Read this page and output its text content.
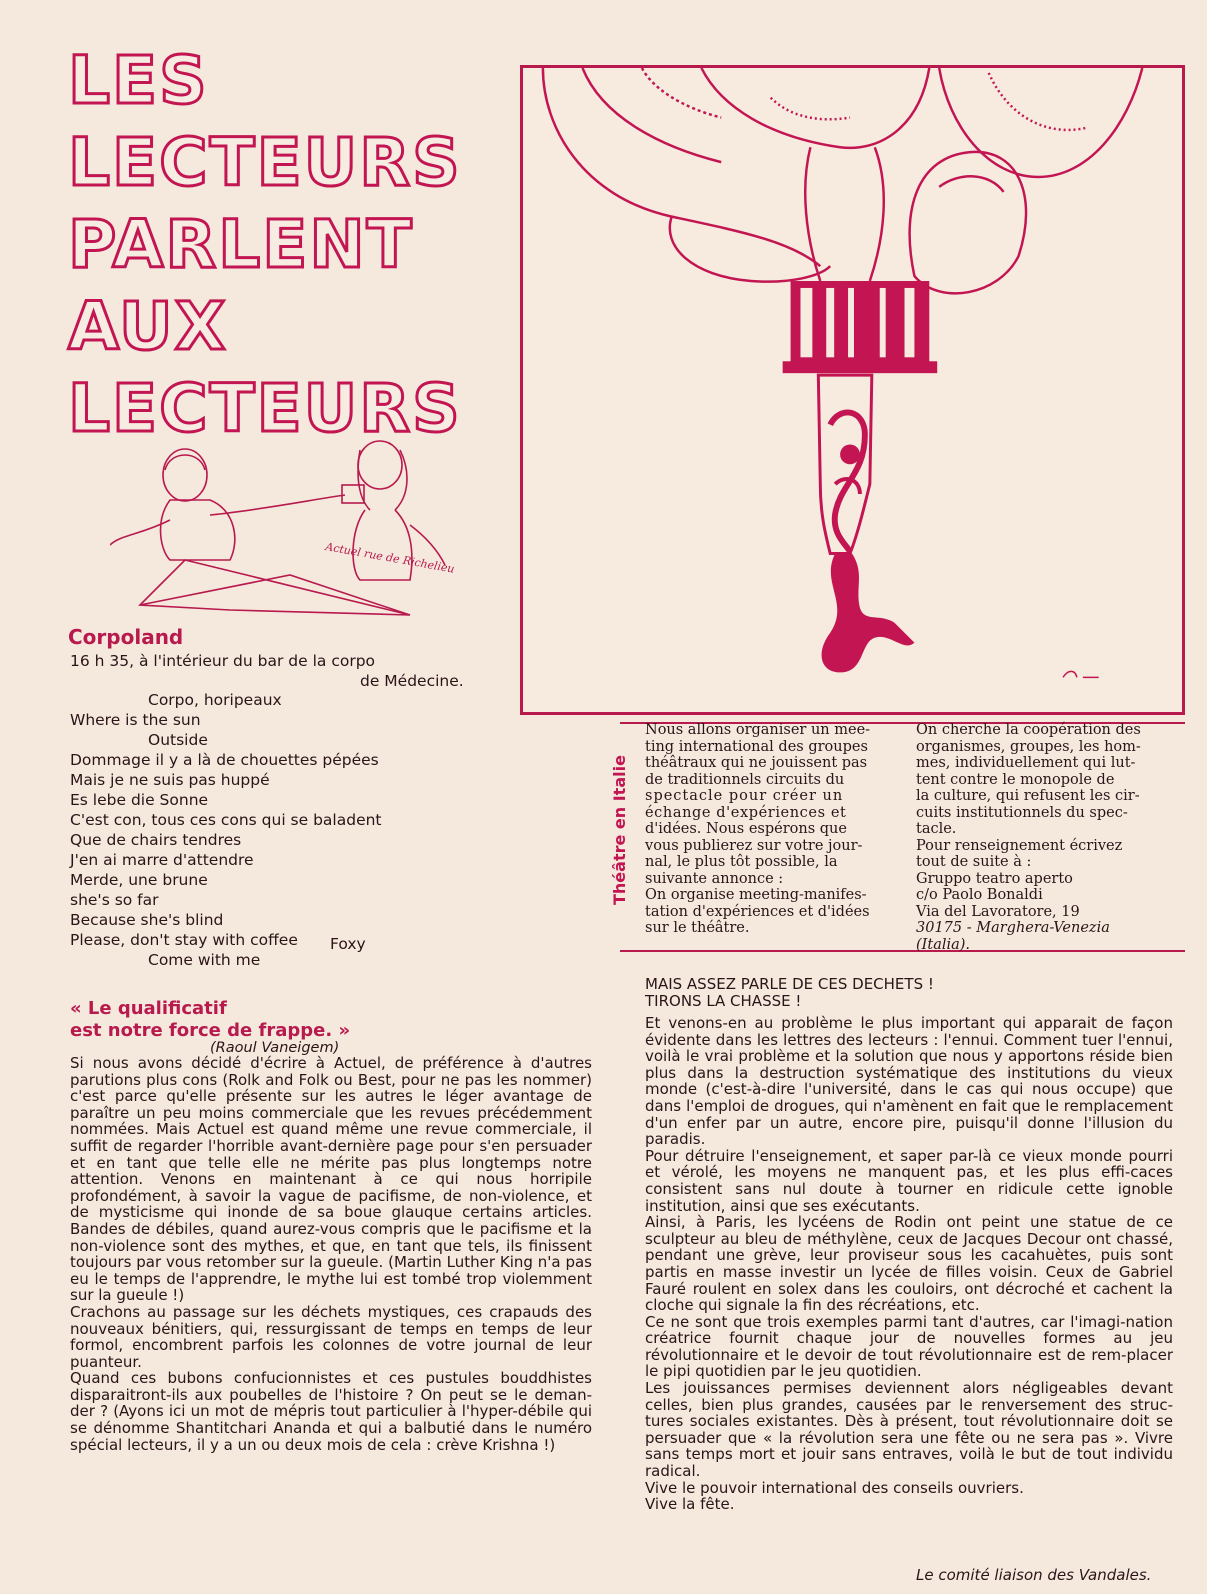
LES
LECTEURS
PARLENT
AUX
LECTEURS
Actuel rue de Richelieu
Corpoland
16 h 35, à l'intérieur du bar de la corpo
de Médecine.
Corpo, horipeaux
Where is the sun
Outside
Dommage il y a là de chouettes pépées
Mais je ne suis pas huppé
Es lebe die Sonne
C'est con, tous ces cons qui se baladent
Que de chairs tendres
J'en ai marre d'attendre
Merde, une brune
she's so far
Because she's blind
Please, don't stay with coffee
Come with me
Foxy
Théâtre en Italie
Nous allons organiser un mee-
ting international des groupes
théâtraux qui ne jouissent pas
de traditionnels circuits du
spectacle pour créer un
échange d'expériences et
d'idées. Nous espérons que
vous publierez sur votre jour-
nal, le plus tôt possible, la
suivante annonce :
On organise meeting-manifes-
tation d'expériences et d'idées
sur le théâtre.
On cherche la coopération des
organismes, groupes, les hom-
mes, individuellement qui lut-
tent contre le monopole de
la culture, qui refusent les cir-
cuits institutionnels du spec-
tacle.
Pour renseignement écrivez
tout de suite à :
Gruppo teatro aperto
c/o Paolo Bonaldi
Via del Lavoratore, 19
30175 - Marghera-Venezia
(Italia).
« Le qualificatif
est notre force de frappe. »
(Raoul Vaneigem)

Si nous avons décidé d'écrire à Actuel, de préférence à d'autres parutions plus cons (Rolk and Folk ou Best, pour ne pas les nommer) c'est parce qu'elle présente sur les autres le léger avantage de paraître un peu moins commerciale que les revues précédemment nommées. Mais Actuel est quand même une revue commerciale, il suffit de regarder l'horrible avant-dernière page pour s'en persuader et en tant que telle elle ne mérite pas plus longtemps notre attention. Venons en maintenant à ce qui nous horripile profondément, à savoir la vague de pacifisme, de non-violence, et de mysticisme qui inonde de sa boue glauque certains articles. Bandes de débiles, quand aurez-vous compris que le pacifisme et la non-violence sont des mythes, et que, en tant que tels, ils finissent toujours par vous retomber sur la gueule. (Martin Luther King n'a pas eu le temps de l'apprendre, le mythe lui est tombé trop violemment sur la gueule !)

Crachons au passage sur les déchets mystiques, ces crapauds des nouveaux bénitiers, qui, ressurgissant de temps en temps de leur formol, encombrent parfois les colonnes de votre journal de leur puanteur.

Quand ces bubons confucionnistes et ces pustules bouddhistes disparaitront-ils aux poubelles de l'histoire ? On peut se le deman-der ? (Ayons ici un mot de mépris tout particulier à l'hyper-débile qui se dénomme Shantitchari Ananda et qui a balbutié dans le numéro spécial lecteurs, il y a un ou deux mois de cela : crève Krishna !)

MAIS ASSEZ PARLE DE CES DECHETS !
TIRONS LA CHASSE !

Et venons-en au problème le plus important qui apparait de façon évidente dans les lettres des lecteurs : l'ennui. Comment tuer l'ennui, voilà le vrai problème et la solution que nous y apportons réside bien plus dans la destruction systématique des institutions du vieux monde (c'est-à-dire l'université, dans le cas qui nous occupe) que dans l'emploi de drogues, qui n'amènent en fait que le remplacement d'un enfer par un autre, encore pire, puisqu'il donne l'illusion du paradis.

Pour détruire l'enseignement, et saper par-là ce vieux monde pourri et vérolé, les moyens ne manquent pas, et les plus effi-caces consistent sans nul doute à tourner en ridicule cette ignoble institution, ainsi que ses exécutants.

Ainsi, à Paris, les lycéens de Rodin ont peint une statue de ce sculpteur au bleu de méthylène, ceux de Jacques Decour ont chassé, pendant une grève, leur proviseur sous les cacahuètes, puis sont partis en masse investir un lycée de filles voisin. Ceux de Gabriel Fauré roulent en solex dans les couloirs, ont décroché et cachent la cloche qui signale la fin des récréations, etc.

Ce ne sont que trois exemples parmi tant d'autres, car l'imagi-nation créatrice fournit chaque jour de nouvelles formes au jeu révolutionnaire et le devoir de tout révolutionnaire est de rem-placer le pipi quotidien par le jeu quotidien.

Les jouissances permises deviennent alors négligeables devant celles, bien plus grandes, causées par le renversement des struc-tures sociales existantes. Dès à présent, tout révolutionnaire doit se persuader que « la révolution sera une fête ou ne sera pas ». Vivre sans temps mort et jouir sans entraves, voilà le but de tout individu radical.

Vive le pouvoir international des conseils ouvriers.

Vive la fête.

Le comité liaison des Vandales.
